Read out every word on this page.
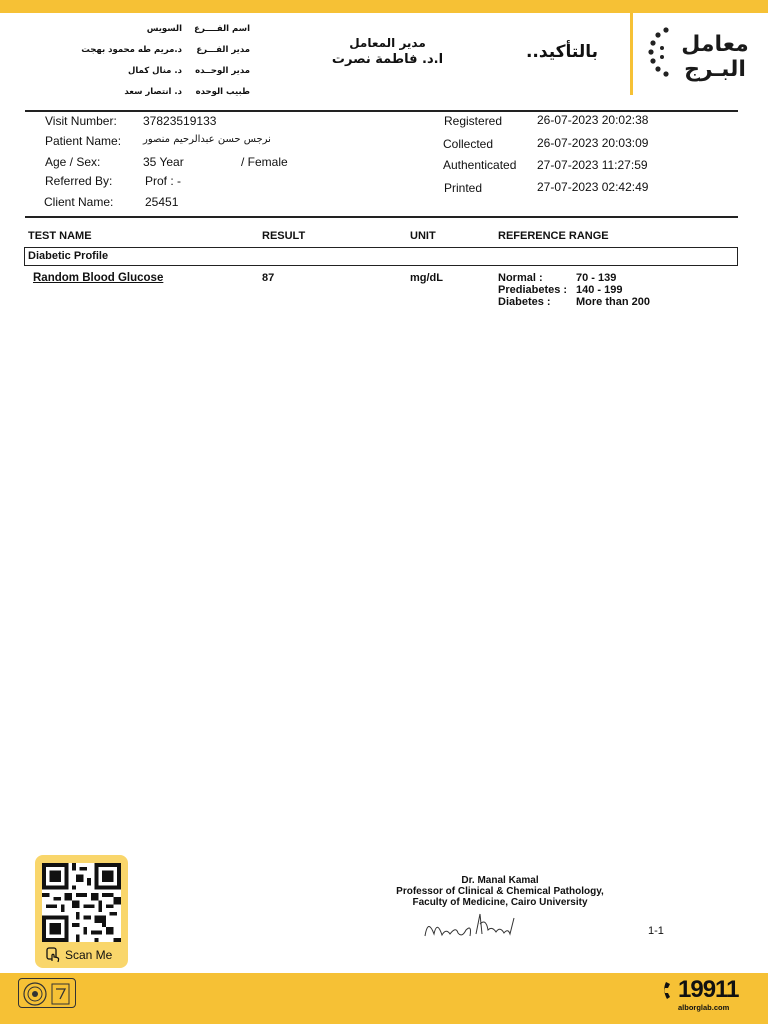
اسم الفــــرع
السويس
مدير الفـــرع
د.مريم طه محمود بهجت
مدير الوحــده
د. منال كمال
طبيب الوحده
د. انتصار سعد
مدير المعامل
ا.د. فاطمة نصرت	بالتأكيد..	معامل
البـرج
Visit Number: 37823519133
Patient Name: نرجس حسن عبدالرحيم منصور
Age / Sex:	35 Year	/ Female
Referred By:	Prof : -
Client Name:	25451
Registered	26-07-2023 20:02:38
Collected	26-07-2023 20:03:09
Authenticated 27-07-2023 11:27:59
Printed	27-07-2023 02:42:49
TEST NAME	RESULT	UNIT	REFERENCE RANGE
Diabetic Profile
Random Blood Glucose	87	mg/dL	Normal :	70 - 139
Prediabetes : 140 - 199
Diabetes : More than 200
Scan Me
Dr. Manal Kamal
Professor of Clinical & Chemical Pathology,
Faculty of Medicine, Cairo University
1-1
19911
alborglab.com
